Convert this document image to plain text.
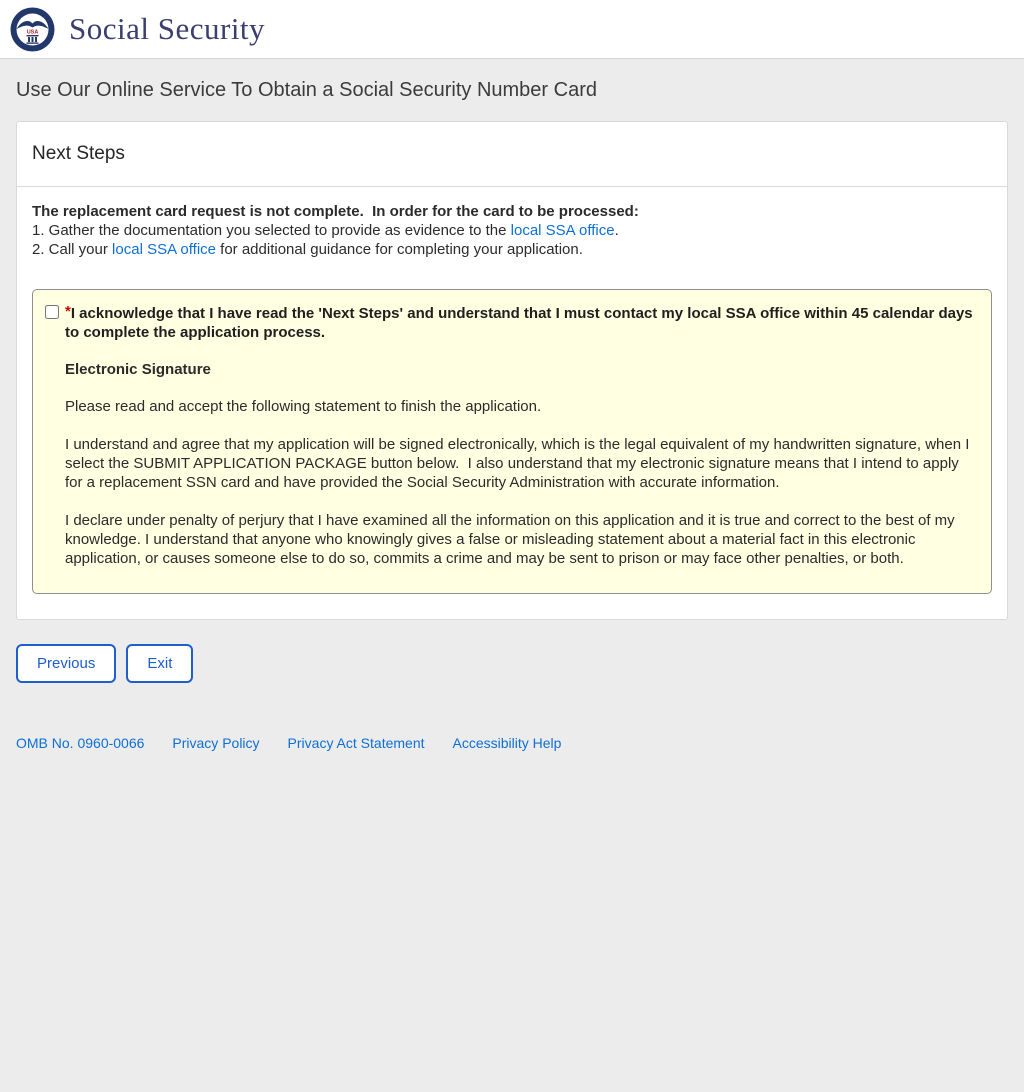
USA Social Security
Use Our Online Service To Obtain a Social Security Number Card
Next Steps
The replacement card request is not complete.  In order for the card to be processed:
1. Gather the documentation you selected to provide as evidence to the local SSA office.
2. Call your local SSA office for additional guidance for completing your application.
*I acknowledge that I have read the 'Next Steps' and understand that I must contact my local SSA office within 45 calendar days to complete the application process.
Electronic Signature
Please read and accept the following statement to finish the application.
I understand and agree that my application will be signed electronically, which is the legal equivalent of my handwritten signature, when I select the SUBMIT APPLICATION PACKAGE button below.  I also understand that my electronic signature means that I intend to apply for a replacement SSN card and have provided the Social Security Administration with accurate information.
I declare under penalty of perjury that I have examined all the information on this application and it is true and correct to the best of my knowledge. I understand that anyone who knowingly gives a false or misleading statement about a material fact in this electronic application, or causes someone else to do so, commits a crime and may be sent to prison or may face other penalties, or both.
Previous	Exit
OMB No. 0960-0066 Privacy Policy Privacy Act Statement Accessibility Help
